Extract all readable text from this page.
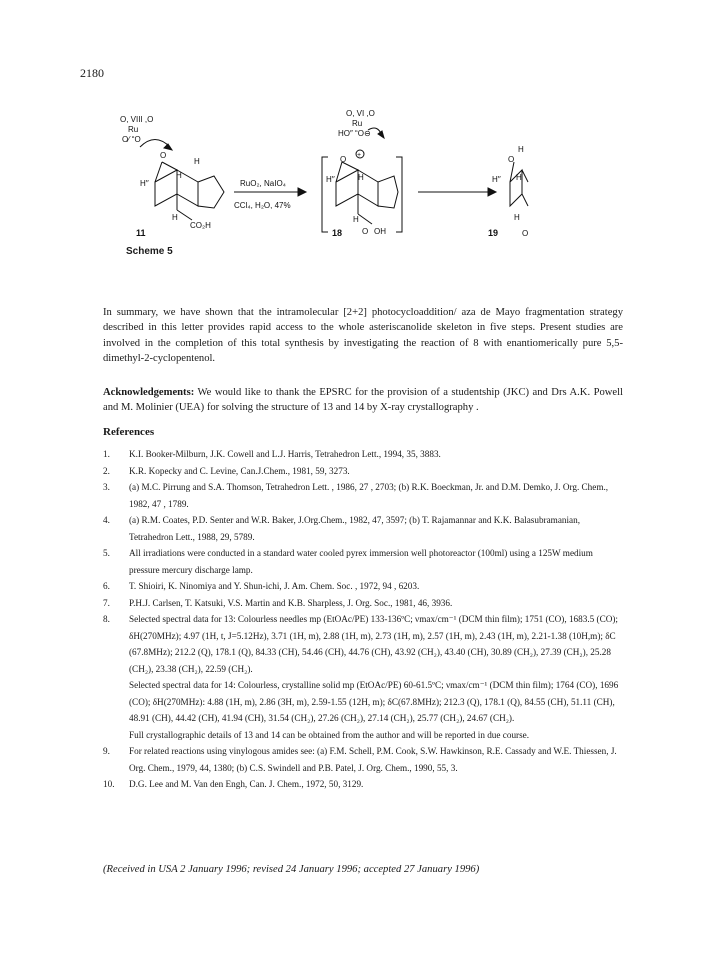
2180
O, VIII ,O
Ru
O⁄ “O
O
H
H′′
H
H
CO₂H
11
RuO₂, NaIO₄
CCl₄, H₂O, 47%
O, VI ,O
Ru
HO″ “O⊖
+
O
H′′	H
H
O OH
18
H
O
H′′ H
H
O
19
Scheme 5

In summary, we have shown that the intramolecular [2+2] photocycloaddition/ aza de Mayo fragmentation strategy described in this letter provides rapid access to the whole asteriscanolide skeleton in five steps. Present studies are involved in the completion of this total synthesis by investigating the reaction of 8 with enantiomerically pure 5,5-dimethyl-2-cyclopentenol.

Acknowledgements: We would like to thank the EPSRC for the provision of a studentship (JKC) and Drs A.K. Powell and M. Molinier (UEA) for solving the structure of 13 and 14 by X-ray crystallography .

References
1. K.I. Booker-Milburn, J.K. Cowell and L.J. Harris, Tetrahedron Lett., 1994, 35, 3883.
2. K.R. Kopecky and C. Levine, Can.J.Chem., 1981, 59, 3273.
3. (a) M.C. Pirrung and S.A. Thomson, Tetrahedron Lett. , 1986, 27 , 2703; (b) R.K. Boeckman, Jr. and D.M. Demko, J. Org. Chem., 1982, 47 , 1789.
4. (a) R.M. Coates, P.D. Senter and W.R. Baker, J.Org.Chem., 1982, 47, 3597; (b) T. Rajamannar and K.K. Balasubramanian, Tetrahedron Lett., 1988, 29, 5789.
5. All irradiations were conducted in a standard water cooled pyrex immersion well photoreactor (100ml) using a 125W medium pressure mercury discharge lamp.
6. T. Shioiri, K. Ninomiya and Y. Shun-ichi, J. Am. Chem. Soc. , 1972, 94 , 6203.
7. P.H.J. Carlsen, T. Katsuki, V.S. Martin and K.B. Sharpless, J. Org. Soc., 1981, 46, 3936.
8. Selected spectral data for 13: Colourless needles mp (EtOAc/PE) 133-136ºC; νmax/cm⁻¹ (DCM thin film); 1751 (CO), 1683.5 (CO); δH(270MHz); 4.97 (1H, t, J=5.12Hz), 3.71 (1H, m), 2.88 (1H, m), 2.73 (1H, m), 2.57 (1H, m), 2.43 (1H, m), 2.21-1.38 (10H,m); δC (67.8MHz); 212.2 (Q), 178.1 (Q), 84.33 (CH), 54.46 (CH), 44.76 (CH), 43.92 (CH₂), 43.40 (CH), 30.89 (CH₂), 27.39 (CH₂), 25.28 (CH₂), 23.38 (CH₂), 22.59 (CH₂).
Selected spectral data for 14: Colourless, crystalline solid mp (EtOAc/PE) 60-61.5ºC; νmax/cm⁻¹ (DCM thin film); 1764 (CO), 1696 (CO); δH(270MHz): 4.88 (1H, m), 2.86 (3H, m), 2.59-1.55 (12H, m); δC(67.8MHz); 212.3 (Q), 178.1 (Q), 84.55 (CH), 51.11 (CH), 48.91 (CH), 44.42 (CH), 41.94 (CH), 31.54 (CH₂), 27.26 (CH₂), 27.14 (CH₂), 25.77 (CH₂), 24.67 (CH₂).
Full crystallographic details of 13 and 14 can be obtained from the author and will be reported in due course.
9. For related reactions using vinylogous amides see: (a) F.M. Schell, P.M. Cook, S.W. Hawkinson, R.E. Cassady and W.E. Thiessen, J. Org. Chem., 1979, 44, 1380; (b) C.S. Swindell and P.B. Patel, J. Org. Chem., 1990, 55, 3.
10. D.G. Lee and M. Van den Engh, Can. J. Chem., 1972, 50, 3129.
(Received in USA 2 January 1996; revised 24 January 1996; accepted 27 January 1996)
